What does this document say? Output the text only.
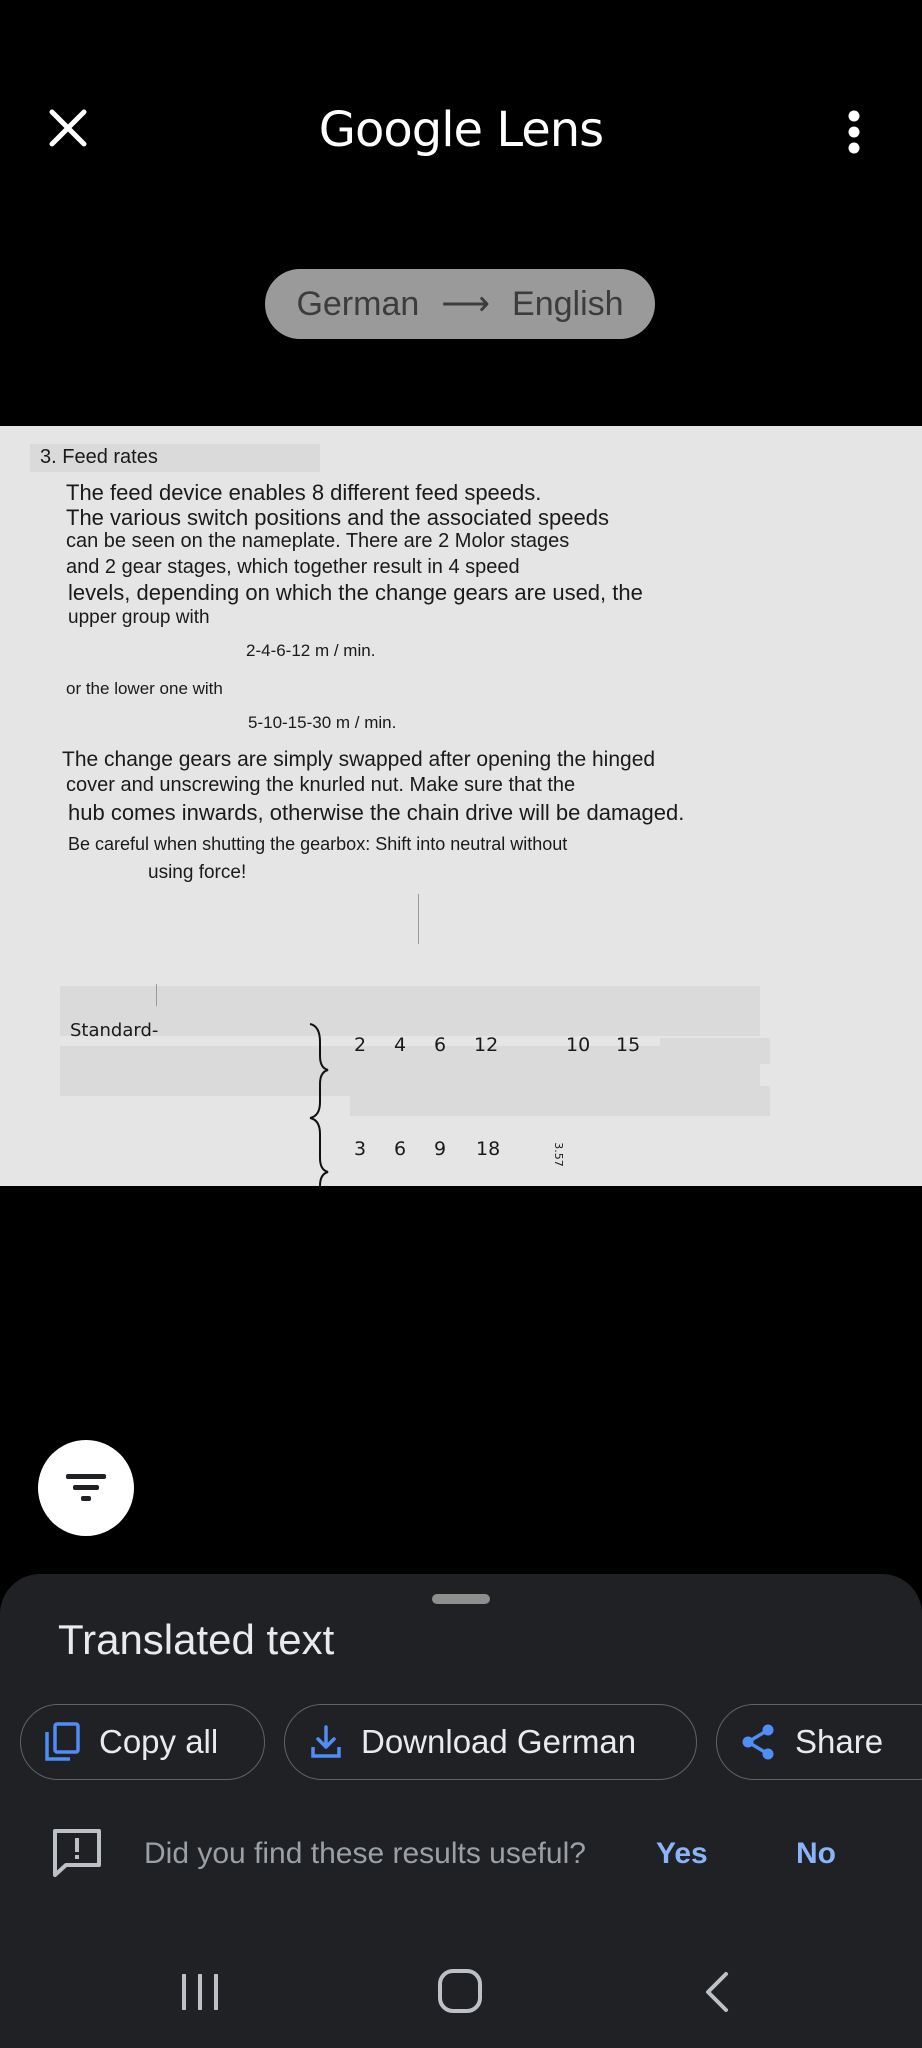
Google Lens
German ⟶ English
3. Feed rates
The feed device enables 8 different feed speeds.
The various switch positions and the associated speeds
can be seen on the nameplate. There are 2 Molor stages
and 2 gear stages, which together result in 4 speed
levels, depending on which the change gears are used, the
upper group with
2-4-6-12 m / min.
or the lower one with
5-10-15-30 m / min.
The change gears are simply swapped after opening the hinged
cover and unscrewing the knurled nut. Make sure that the
hub comes inwards, otherwise the chain drive will be damaged.
Be careful when shutting the gearbox: Shift into neutral without
using force!
Standard-
2 4 6 12	10 15
3 6 9 18	3.57
Translated text
Copy all	Download German	Share
Did you find these results useful? Yes	No
